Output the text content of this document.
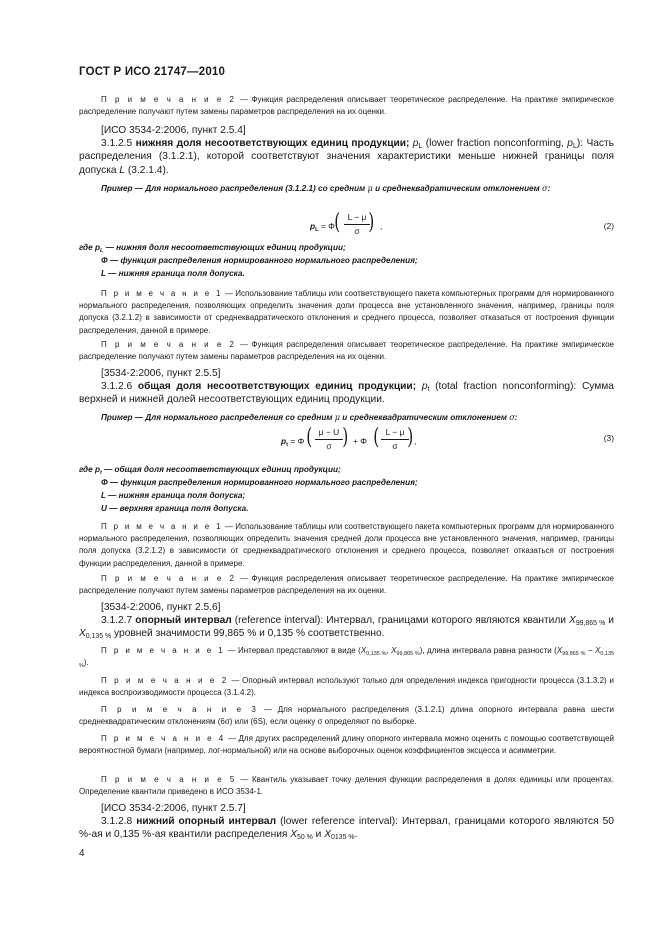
ГОСТ Р ИСО 21747—2010

П р и м е ч а н и е 2 — Функция распределения описывает теоретическое распределение. На практике эмпирическое распределение получают путем замены параметров распределения на их оценки.

[ИСО 3534-2:2006, пункт 2.5.4]

3.1.2.5 нижняя доля несоответствующих единиц продукции; $p_L$ (lower fraction nonconforming, $p_L$): Часть распределения (3.1.2.1), которой соответствуют значения характеристики меньше нижней границы поля допуска L (3.2.1.4).

Пример — Для нормального распределения (3.1.2.1) со средним μ и среднеквадратическим отклонением σ:

$p_L = \Phi$ ( L − μ
σ ) ,	(2)

где $p_L$ — нижняя доля несоответствующих единиц продукции;

Φ — функция распределения нормированного нормального распределения;

L — нижняя граница поля допуска.

П р и м е ч а н и е 1 — Использование таблицы или соответствующего пакета компьютерных программ для нормированного нормального распределения, позволяющих определить значения доли процесса вне установленного значения, например, границы поля допуска (3.2.1.2) в зависимости от среднеквадратического отклонения и среднего процесса, позволяет отказаться от построения функции распределения, данной в примере.

П р и м е ч а н и е 2 — Функция распределения описывает теоретическое распределение. На практике эмпирическое распределение получают путем замены параметров распределения на их оценки.

[3534-2:2006, пункт 2.5.5]

3.1.2.6 общая доля несоответствующих единиц продукции; $p_t$ (total fraction nonconforming): Сумма верхней и нижней долей несоответствующих единиц продукции.

Пример — Для нормального распределения со средним μ и среднеквадратическим отклонением σ:

$p_t = \Phi$ ( μ − U
σ ) + Φ ( L − μ
σ ) ,	(3)

где $p_t$ — общая доля несоответствующих единиц продукции;

Φ — функция распределения нормированного нормального распределения;

L — нижняя граница поля допуска;

U — верхняя граница поля допуска.

П р и м е ч а н и е 1 — Использование таблицы или соответствующего пакета компьютерных программ для нормированного нормального распределения, позволяющих определить значения средней доли процесса вне установленного значения, например, границы поля допуска (3.2.1.2) в зависимости от среднеквадратического отклонения и среднего процесса, позволяет отказаться от построения функции распределения, данной в примере.

П р и м е ч а н и е 2 — Функция распределения описывает теоретическое распределение. На практике эмпирическое распределение получают путем замены параметров распределения на их оценки.

[3534-2:2006, пункт 2.5.6]

3.1.2.7 опорный интервал (reference interval): Интервал, границами которого являются квантили $X_{99,865 \%}$ и $X_{0,135 \%}$ уровней значимости 99,865 % и 0,135 % соответственно.

П р и м е ч а н и е 1 — Интервал представляют в виде ($X_{0,135 \%}$, $X_{99,865 \%}$), длина интервала равна разности $(X_{99,865 \%} - X_{0,135 \%})$.

П р и м е ч а н и е 2 — Опорный интервал используют только для определения индекса пригодности процесса (3.1.3.2) и индекса воспроизводимости процесса (3.1.4.2).

П р и м е ч а н и е 3 — Для нормального распределения (3.1.2.1) длина опорного интервала равна шести среднеквадратическим отклонениям (6σ) или (6S), если оценку σ определяют по выборке.

П р и м е ч а н и е 4 — Для других распределений длину опорного интервала можно оценить с помощью соответствующей вероятностной бумаги (например, лог-нормальной) или на основе выборочных оценок коэффициентов эксцесса и асимметрии.

П р и м е ч а н и е 5 — Квантиль указывает точку деления функции распределения в долях единицы или процентах. Определение квантили приведено в ИСО 3534-1.

[ИСО 3534-2:2006, пункт 2.5.7]

3.1.2.8 нижний опорный интервал (lower reference interval): Интервал, границами которого являются 50 %-ая и 0,135 %-ая квантили распределения $X_{50 \%}$ и $X_{0135 \%}$.

4
